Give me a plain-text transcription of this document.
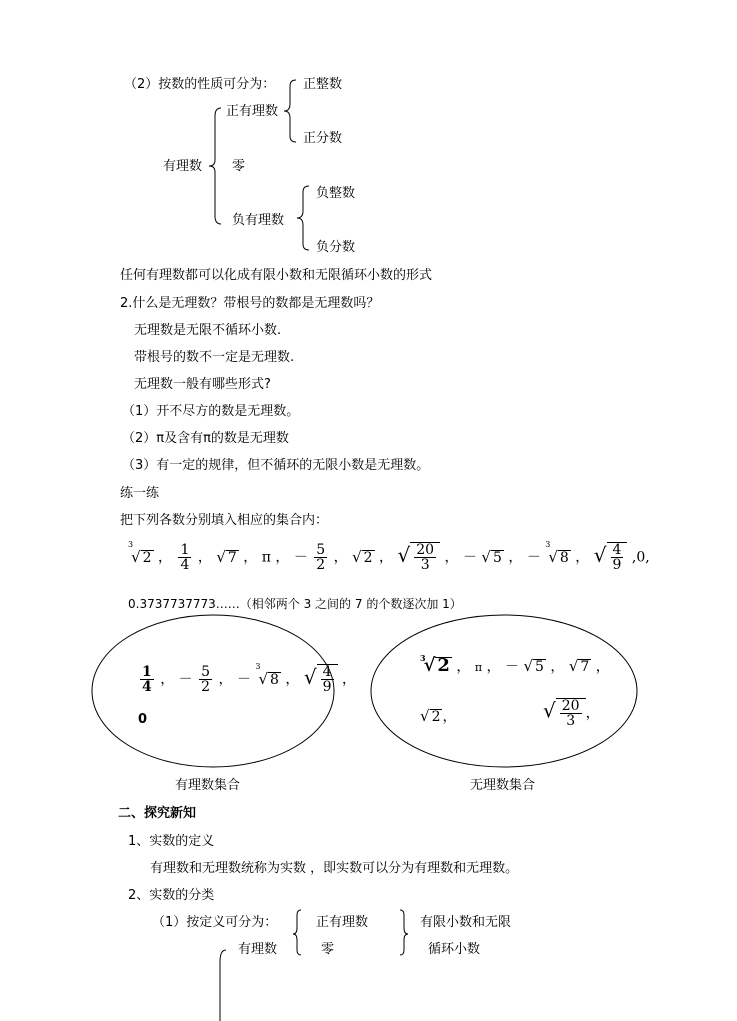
（2）按数的性质可分为： 正整数
正有理数
正分数
有理数 零
负整数
负有理数
负分数
任何有理数都可以化成有限小数和无限循环小数的形式
2.什么是无理数？带根号的数都是无理数吗？
无理数是无限不循环小数.
带根号的数不一定是无理数.
无理数一般有哪些形式?
（1）开不尽方的数是无理数。
（2）π及含有π的数是无理数
（3）有一定的规律，但不循环的无限小数是无理数。
练一练
把下列各数分别填入相应的集合内：
$^3$√ 2 ， $\frac{1}{4}$ ， √ 7 ， π ， － $\frac{5}{2}$ ， √ 2 ， √ $\frac{20}{3}$ ， － √ 5 ， － $^3$√ 8 ， √ $\frac{4}{9} ,0$,
0.3737737773……（相邻两个 3 之间的 7 的个数逐次加 1）
$\frac{1}{4}$ ， － $\frac{5}{2}$ ， － $^3$√ 8 ， √ $\frac{4}{9}$ ，
0
$^3$√ 2 ， π ， － √ 5 ， √ 7 ，
√ 2 ，	√ $\frac{20}{3}$ ，
有理数集合	无理数集合
二、探究新知
1、实数的定义
有理数和无理数统称为实数 ，即实数可以分为有理数和无理数。
2、实数的分类
（1）按定义可分为：	正有理数	有限小数和无限
有理数	零	循环小数
